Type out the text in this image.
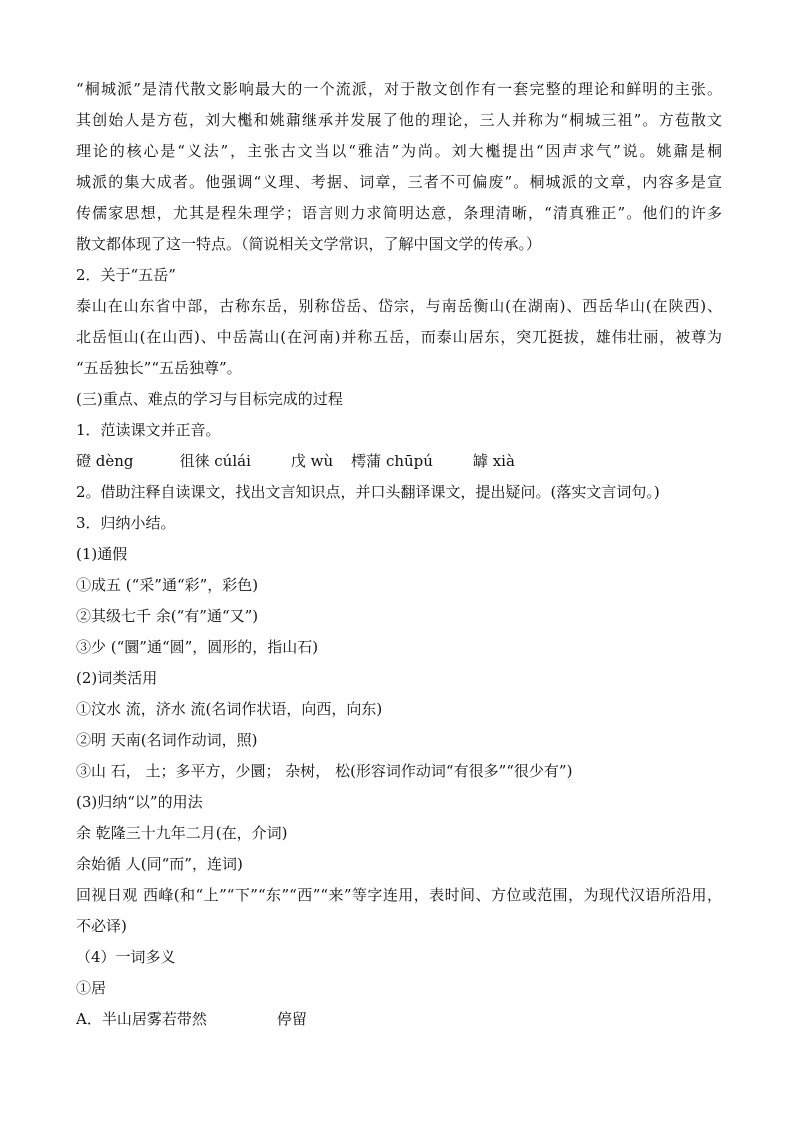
“桐城派”是清代散文影响最大的一个流派，对于散文创作有一套完整的理论和鲜明的主张。
其创始人是方苞，刘大櫆和姚鼐继承并发展了他的理论，三人并称为“桐城三祖”。方苞散文
理论的核心是“义法”，主张古文当以“雅洁”为尚。刘大櫆提出“因声求气”说。姚鼐是桐
城派的集大成者。他强调“义理、考据、词章，三者不可偏废”。桐城派的文章，内容多是宣
传儒家思想，尤其是程朱理学；语言则力求简明达意，条理清晰，“清真雅正”。他们的许多
散文都体现了这一特点。（简说相关文学常识，了解中国文学的传承。）
2．关于“五岳”
泰山在山东省中部，古称东岳，别称岱岳、岱宗，与南岳衡山(在湖南)、西岳华山(在陕西)、
北岳恒山(在山西)、中岳嵩山(在河南)并称五岳，而泰山居东，突兀挺拔，雄伟壮丽，被尊为
“五岳独长”“五岳独尊”。
(三)重点、难点的学习与目标完成的过程
1．范读课文并正音。
磴 dèng	徂徕 cúlái	戊 wù 樗蒲 chūpú	罅 xià
2。借助注释自读课文，找出文言知识点，并口头翻译课文，提出疑问。(落实文言词句。)
3．归纳小结。
(1)通假
①成五 (“采”通“彩”，彩色)
②其级七千 余(“有”通“又”)
③少 (“圜”通“圆”，圆形的，指山石)
(2)词类活用
①汶水 流，济水 流(名词作状语，向西，向东)
②明 天南(名词作动词，照)
③山 石， 土；多平方，少圜； 杂树， 松(形容词作动词“有很多”“很少有”)
(3)归纳“以”的用法
余 乾隆三十九年二月(在，介词)
余始循 人(同“而”，连词)
回视日观 西峰(和“上”“下”“东”“西”“来”等字连用，表时间、方位或范围，为现代汉语所沿用，
不必译)
（4）一词多义
①居
A．半山居雾若带然	停留
